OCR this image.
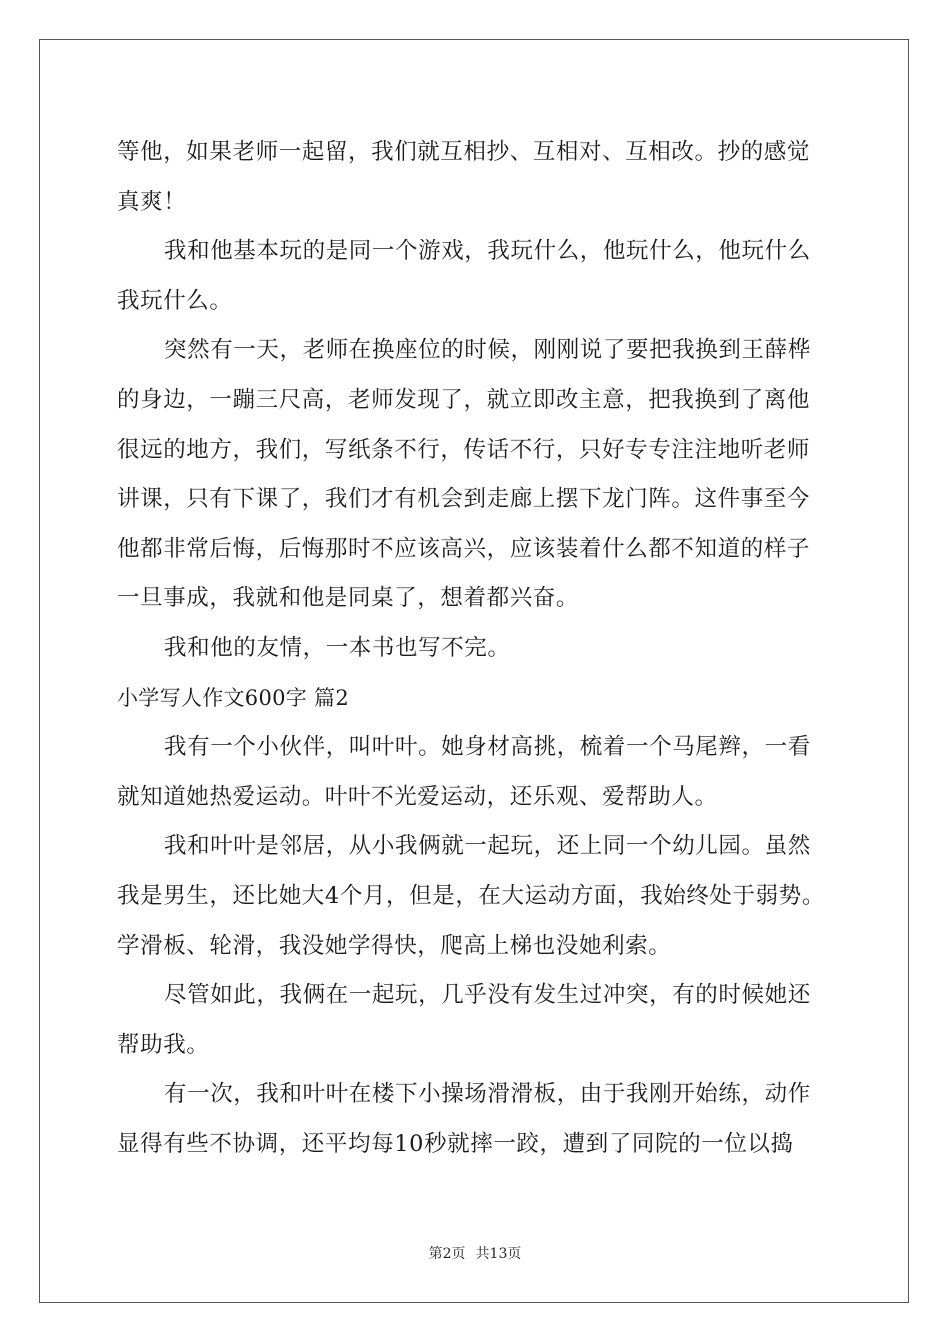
等他，如果老师一起留，我们就互相抄、互相对、互相改。抄的感觉
真爽！
我和他基本玩的是同一个游戏，我玩什么，他玩什么，他玩什么
我玩什么。
突然有一天，老师在换座位的时候，刚刚说了要把我换到王薛桦
的身边，一蹦三尺高，老师发现了，就立即改主意，把我换到了离他
很远的地方，我们，写纸条不行，传话不行，只好专专注注地听老师
讲课，只有下课了，我们才有机会到走廊上摆下龙门阵。这件事至今
他都非常后悔，后悔那时不应该高兴，应该装着什么都不知道的样子
一旦事成，我就和他是同桌了，想着都兴奋。
我和他的友情，一本书也写不完。
小学写人作文600字 篇2
我有一个小伙伴，叫叶叶。她身材高挑，梳着一个马尾辫，一看
就知道她热爱运动。叶叶不光爱运动，还乐观、爱帮助人。
我和叶叶是邻居，从小我俩就一起玩，还上同一个幼儿园。虽然
我是男生，还比她大4个月，但是，在大运动方面，我始终处于弱势。
学滑板、轮滑，我没她学得快，爬高上梯也没她利索。
尽管如此，我俩在一起玩，几乎没有发生过冲突，有的时候她还
帮助我。
有一次，我和叶叶在楼下小操场滑滑板，由于我刚开始练，动作
显得有些不协调，还平均每10秒就摔一跤，遭到了同院的一位以捣
第2页 共13页
